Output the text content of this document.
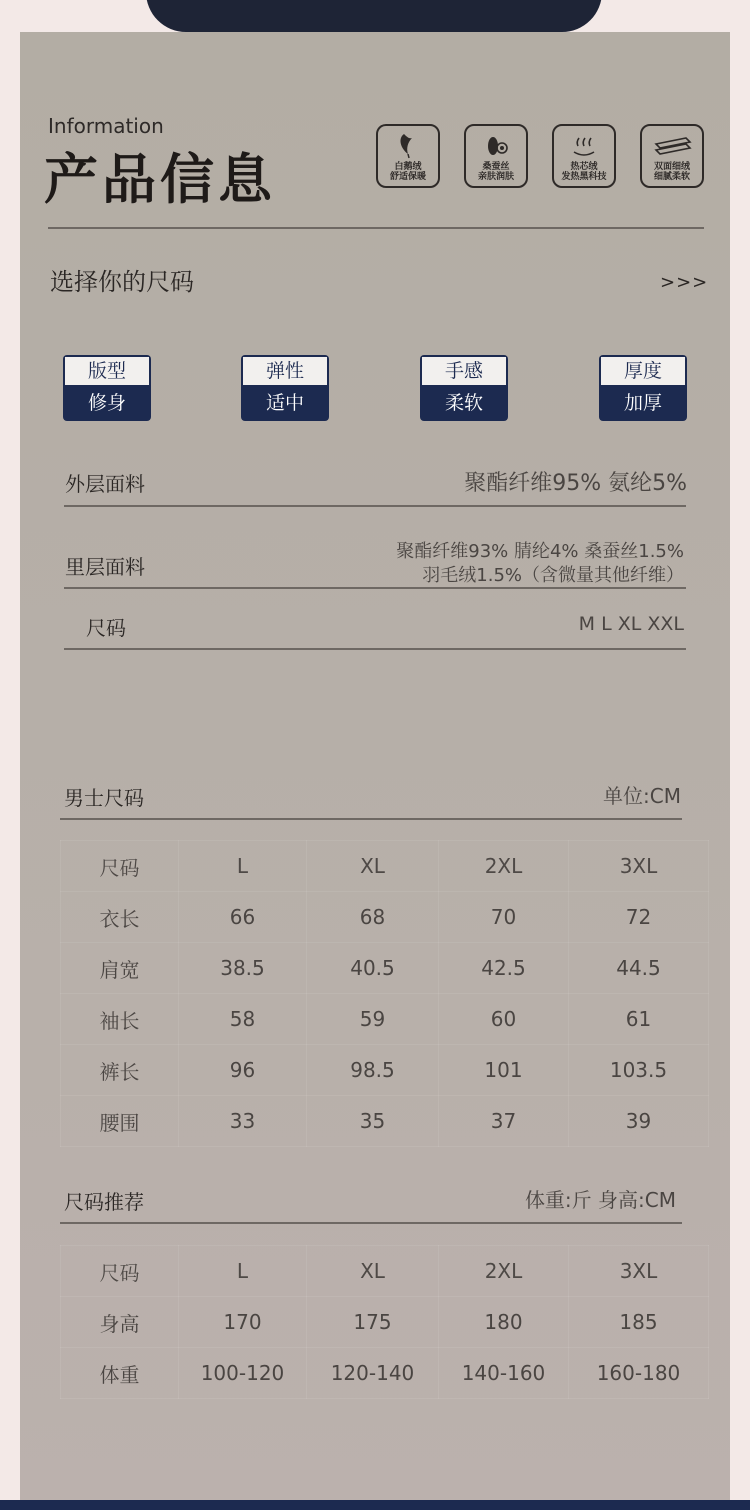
Information
产品信息	白鹅绒
舒适保暖
桑蚕丝
亲肤润肤
热芯绒
发热黑科技
双面细绒
细腻柔软
选择你的尺码	>>>
版型
修身
弹性
适中
手感
柔软
厚度
加厚
外层面料	聚酯纤维95% 氨纶5%
里层面料
聚酯纤维93% 腈纶4% 桑蚕丝1.5%
羽毛绒1.5%（含微量其他纤维）
尺码	M L XL XXL
男士尺码	单位:CM
尺码	L	XL	2XL	3XL
衣长	66	68	70	72
肩宽	38.5	40.5	42.5	44.5
袖长	58	59	60	61
裤长	96	98.5	101	103.5
腰围	33	35	37	39
尺码推荐	体重:斤 身高:CM
尺码	L	XL	2XL	3XL
身高	170	175	180	185
体重	100-120	120-140	140-160	160-180
